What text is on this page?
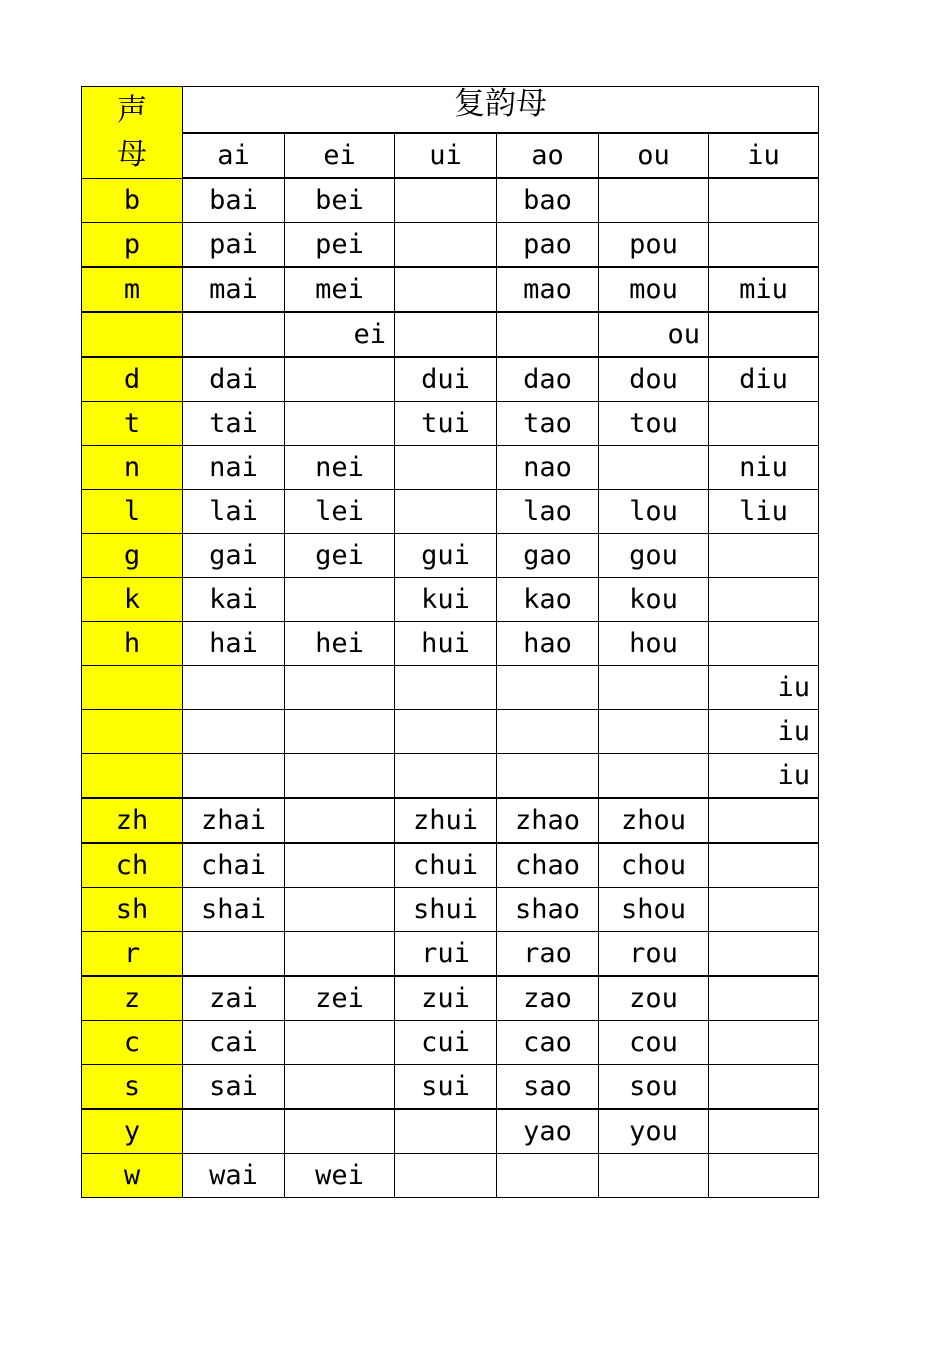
声
母	复韵母					
	ai	ei	ui	ao	ou	iu
b	bai	bei		bao		
p	pai	pei		pao	pou	
m	mai	mei		mao	mou	miu
		ei			ou	
d	dai		dui	dao	dou	diu
t	tai		tui	tao	tou	
n	nai	nei		nao		niu
l	lai	lei		lao	lou	liu
g	gai	gei	gui	gao	gou	
k	kai		kui	kao	kou	
h	hai	hei	hui	hao	hou	
						iu
						iu
						iu
zh	zhai		zhui	zhao	zhou	
ch	chai		chui	chao	chou	
sh	shai		shui	shao	shou	
r			rui	rao	rou	
z	zai	zei	zui	zao	zou	
c	cai		cui	cao	cou	
s	sai		sui	sao	sou	
y				yao	you	
w	wai	wei				
